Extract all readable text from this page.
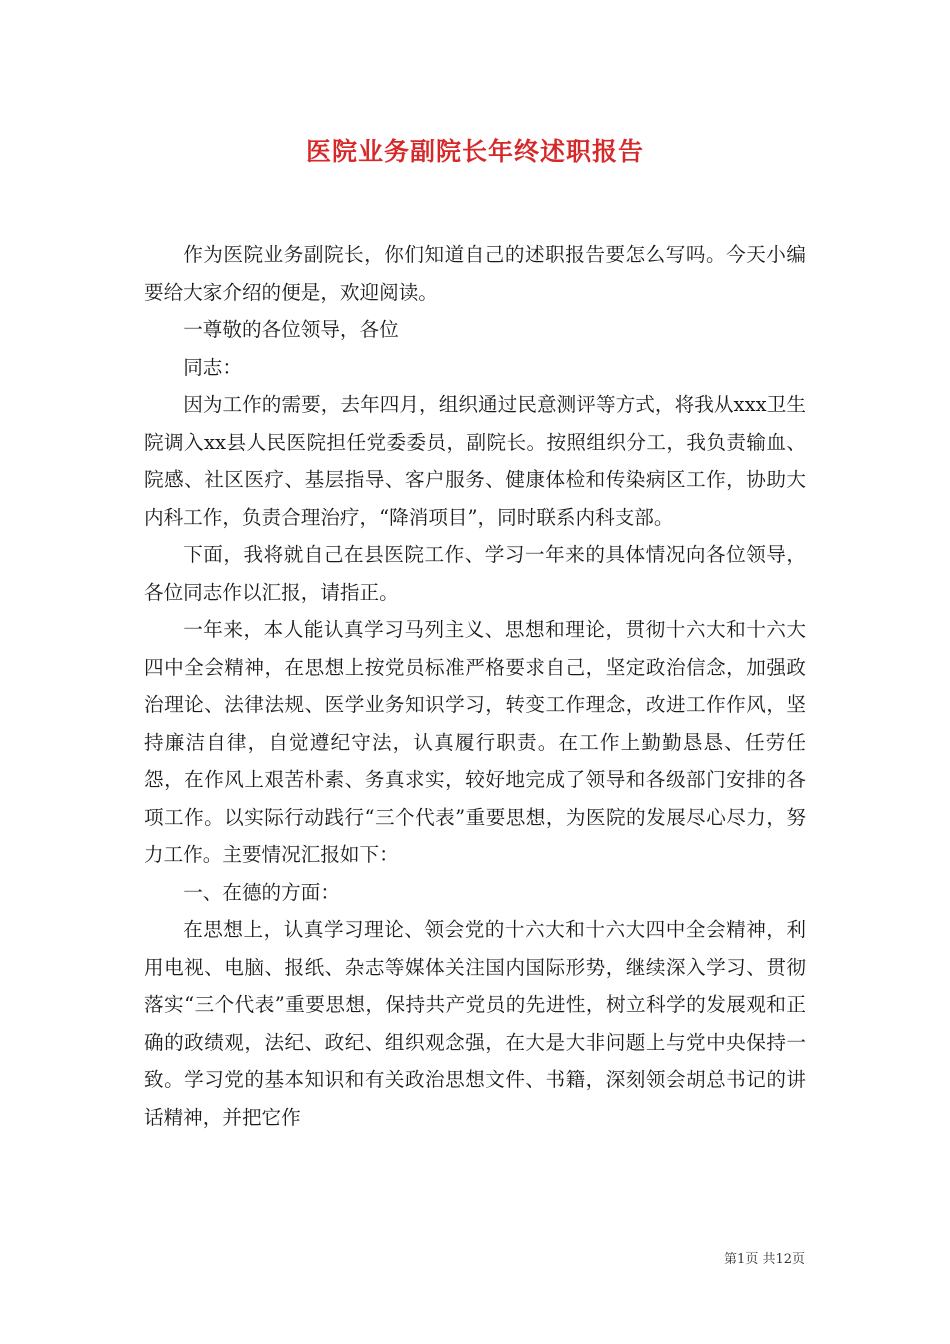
医院业务副院长年终述职报告

作为医院业务副院长，你们知道自己的述职报告要怎么写吗。今天小编要给大家介绍的便是，欢迎阅读。

一尊敬的各位领导，各位

同志：

因为工作的需要，去年四月，组织通过民意测评等方式，将我从xxx卫生院调入xx县人民医院担任党委委员，副院长。按照组织分工，我负责输血、院感、社区医疗、基层指导、客户服务、健康体检和传染病区工作，协助大内科工作，负责合理治疗，“降消项目”，同时联系内科支部。

下面，我将就自己在县医院工作、学习一年来的具体情况向各位领导，各位同志作以汇报，请指正。

一年来，本人能认真学习马列主义、思想和理论，贯彻十六大和十六大四中全会精神，在思想上按党员标准严格要求自己，坚定政治信念，加强政治理论、法律法规、医学业务知识学习，转变工作理念，改进工作作风，坚持廉洁自律，自觉遵纪守法，认真履行职责。在工作上勤勤恳恳、任劳任怨，在作风上艰苦朴素、务真求实，较好地完成了领导和各级部门安排的各项工作。以实际行动践行“三个代表”重要思想，为医院的发展尽心尽力，努力工作。主要情况汇报如下：

一、在德的方面：

在思想上，认真学习理论、领会党的十六大和十六大四中全会精神，利用电视、电脑、报纸、杂志等媒体关注国内国际形势，继续深入学习、贯彻落实“三个代表”重要思想，保持共产党员的先进性，树立科学的发展观和正确的政绩观，法纪、政纪、组织观念强，在大是大非问题上与党中央保持一致。学习党的基本知识和有关政治思想文件、书籍，深刻领会胡总书记的讲话精神，并把它作

第1页 共12页
